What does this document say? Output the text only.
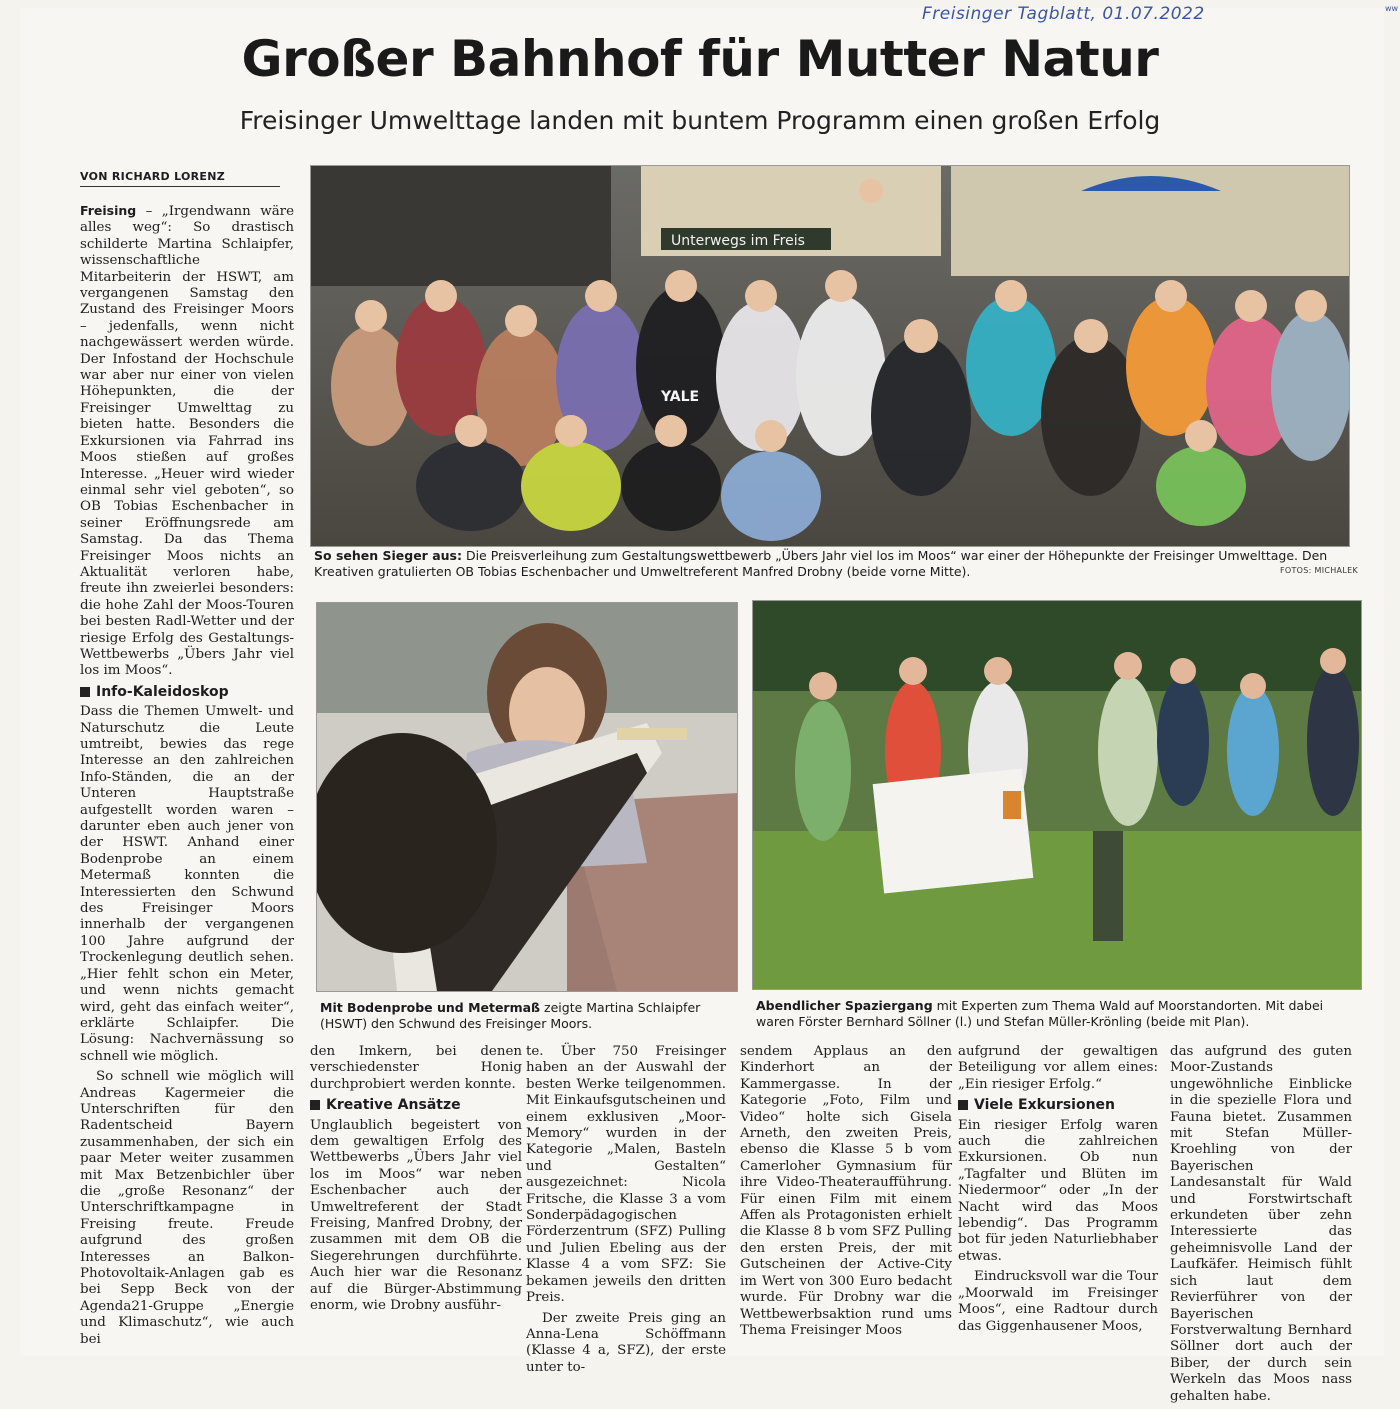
Freisinger Tagblatt, 01.07.2022	ww
Großer Bahnhof für Mutter Natur
Freisinger Umwelttage landen mit buntem Programm einen großen Erfolg
VON RICHARD LORENZ

Freising – „Irgendwann wäre alles weg“: So drastisch schilderte Martina Schlaipfer, wissenschaftliche Mitarbeiterin der HSWT, am vergangenen Samstag den Zustand des Freisinger Moors – jedenfalls, wenn nicht nachgewässert werden würde. Der Infostand der Hochschule war aber nur einer von vielen Höhepunkten, die der Freisinger Umwelttag zu bieten hatte. Besonders die Exkursionen via Fahrrad ins Moos stießen auf großes Interesse. „Heuer wird wieder einmal sehr viel geboten“, so OB Tobias Eschenbacher in seiner Eröffnungsrede am Samstag. Da das Thema Freisinger Moos nichts an Aktualität verloren habe, freute ihn zweierlei besonders: die hohe Zahl der Moos-Touren bei besten Radl-Wetter und der riesige Erfolg des Gestaltungs-Wettbewerbs „Übers Jahr viel los im Moos“.

Info-Kaleidoskop

Dass die Themen Umwelt- und Naturschutz die Leute umtreibt, bewies das rege Interesse an den zahlreichen Info-Ständen, die an der Unteren Hauptstraße aufgestellt worden waren – darunter eben auch jener von der HSWT. Anhand einer Bodenprobe an einem Metermaß konnten die Interessierten den Schwund des Freisinger Moors innerhalb der vergangenen 100 Jahre aufgrund der Trockenlegung deutlich sehen. „Hier fehlt schon ein Meter, und wenn nichts gemacht wird, geht das einfach weiter“, erklärte Schlaipfer. Die Lösung: Nachvernässung so schnell wie möglich.

So schnell wie möglich will Andreas Kagermeier die Unterschriften für den Radentscheid Bayern zusammenhaben, der sich ein paar Meter weiter zusammen mit Max Betzenbichler über die „große Resonanz“ der Unterschriftkampagne in Freising freute. Freude aufgrund des großen Interesses an Balkon-Photovoltaik-Anlagen gab es bei Sepp Beck von der Agenda21-Gruppe „Energie und Klimaschutz“, wie auch bei

Unterwegs im Freis
YALE
So sehen Sieger aus: Die Preisverleihung zum Gestaltungswettbewerb „Übers Jahr viel los im Moos“ war einer der Höhepunkte der Freisinger Umwelttage. Den Kreativen gratulierten OB Tobias Eschenbacher und Umweltreferent Manfred Drobny (beide vorne Mitte).	FOTOS: MICHALEK
Mit Bodenprobe und Metermaß zeigte Martina Schlaipfer (HSWT) den Schwund des Freisinger Moors.
Abendlicher Spaziergang mit Experten zum Thema Wald auf Moorstandorten. Mit dabei waren Förster Bernhard Söllner (l.) und Stefan Müller-Krönling (beide mit Plan).

den Imkern, bei denen verschiedenster Honig durchprobiert werden konnte.

Kreative Ansätze

Unglaublich begeistert von dem gewaltigen Erfolg des Wettbewerbs „Übers Jahr viel los im Moos“ war neben Eschenbacher auch der Umweltreferent der Stadt Freising, Manfred Drobny, der zusammen mit dem OB die Siegerehrungen durchführte. Auch hier war die Resonanz auf die Bürger-Abstimmung enorm, wie Drobny ausführ-

te. Über 750 Freisinger haben an der Auswahl der besten Werke teilgenommen. Mit Einkaufsgutscheinen und einem exklusiven „Moor-Memory“ wurden in der Kategorie „Malen, Basteln und Gestalten“ ausgezeichnet: Nicola Fritsche, die Klasse 3 a vom Sonderpädagogischen Förderzentrum (SFZ) Pulling und Julien Ebeling aus der Klasse 4 a vom SFZ: Sie bekamen jeweils den dritten Preis.

Der zweite Preis ging an Anna-Lena Schöffmann (Klasse 4 a, SFZ), der erste unter to-

sendem Applaus an den Kinderhort an der Kammergasse. In der Kategorie „Foto, Film und Video“ holte sich Gisela Arneth, den zweiten Preis, ebenso die Klasse 5 b vom Camerloher Gymnasium für ihre Video-Theateraufführung. Für einen Film mit einem Affen als Protagonisten erhielt die Klasse 8 b vom SFZ Pulling den ersten Preis, der mit Gutscheinen der Active-City im Wert von 300 Euro bedacht wurde. Für Drobny war die Wettbewerbsaktion rund ums Thema Freisinger Moos

aufgrund der gewaltigen Beteiligung vor allem eines: „Ein riesiger Erfolg.“

Viele Exkursionen

Ein riesiger Erfolg waren auch die zahlreichen Exkursionen. Ob nun „Tagfalter und Blüten im Niedermoor“ oder „In der Nacht wird das Moos lebendig“. Das Programm bot für jeden Naturliebhaber etwas.

Eindrucksvoll war die Tour „Moorwald im Freisinger Moos“, eine Radtour durch das Giggenhausener Moos,

das aufgrund des guten Moor-Zustands ungewöhnliche Einblicke in die spezielle Flora und Fauna bietet. Zusammen mit Stefan Müller-Kroehling von der Bayerischen Landesanstalt für Wald und Forstwirtschaft erkundeten über zehn Interessierte das geheimnisvolle Land der Laufkäfer. Heimisch fühlt sich laut dem Revierführer von der Bayerischen Forstverwaltung Bernhard Söllner dort auch der Biber, der durch sein Werkeln das Moos nass gehalten habe.
